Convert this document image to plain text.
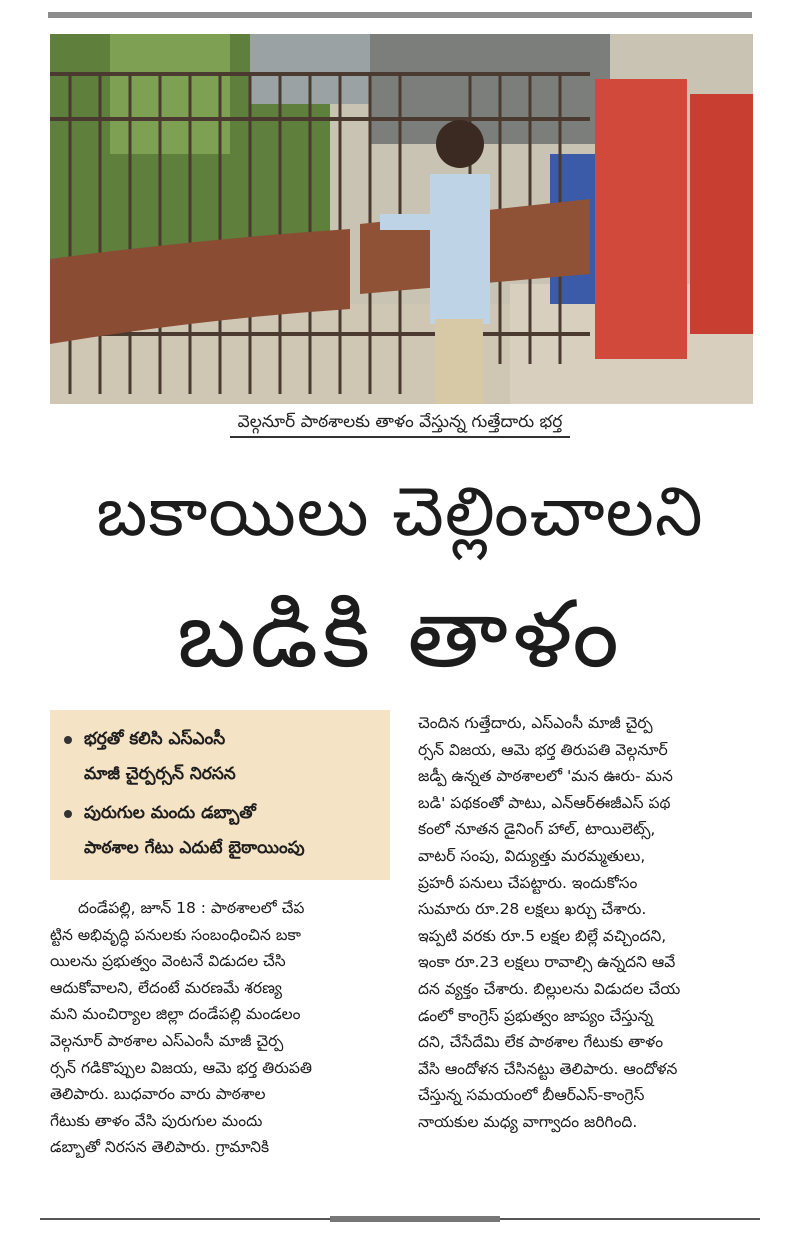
వెల్గనూర్ పాఠశాలకు తాళం వేస్తున్న గుత్తేదారు భర్త
బకాయిలు చెల్లించాలని
బడికి తాళం
భర్తతో కలిసి ఎస్ఎంసీ
మాజీ చైర్పర్సన్ నిరసన
పురుగుల మందు డబ్బాతో
పాఠశాల గేటు ఎదుటే బైఠాయింపు

దండేపల్లి, జూన్ 18 : పాఠశాలలో చేప

ట్టిన అభివృద్ధి పనులకు సంబంధించిన బకా

యిలను ప్రభుత్వం వెంటనే విడుదల చేసి

ఆదుకోవాలని, లేదంటే మరణమే శరణ్య

మని మంచిర్యాల జిల్లా దండేపల్లి మండలం

వెల్గనూర్ పాఠశాల ఎస్ఎంసీ మాజీ చైర్ప

ర్సన్ గడికొప్పుల విజయ, ఆమె భర్త తిరుపతి

తెలిపారు. బుధవారం వారు పాఠశాల

గేటుకు తాళం వేసి పురుగుల మందు

డబ్బాతో నిరసన తెలిపారు. గ్రామానికి

చెందిన గుత్తేదారు, ఎస్ఎంసీ మాజీ చైర్ప

ర్సన్ విజయ, ఆమె భర్త తిరుపతి వెల్గనూర్

జడ్పీ ఉన్నత పాఠశాలలో 'మన ఊరు- మన

బడి' పథకంతో పాటు, ఎన్ఆర్ఈజీఎస్ పథ

కంలో నూతన డైనింగ్ హాల్, టాయిలెట్స్,

వాటర్ సంపు, విద్యుత్తు మరమ్మతులు,

ప్రహరీ పనులు చేపట్టారు. ఇందుకోసం

సుమారు రూ.28 లక్షలు ఖర్చు చేశారు.

ఇప్పటి వరకు రూ.5 లక్షల బిల్లే వచ్చిందని,

ఇంకా రూ.23 లక్షలు రావాల్సి ఉన్నదని ఆవే

దన వ్యక్తం చేశారు. బిల్లులను విడుదల చేయ

డంలో కాంగ్రెస్ ప్రభుత్వం జాప్యం చేస్తున్న

దని, చేసేదేమి లేక పాఠశాల గేటుకు తాళం

వేసి ఆందోళన చేసినట్టు తెలిపారు. ఆందోళన

చేస్తున్న సమయంలో బీఆర్ఎస్-కాంగ్రెస్

నాయకుల మధ్య వాగ్వాదం జరిగింది.
